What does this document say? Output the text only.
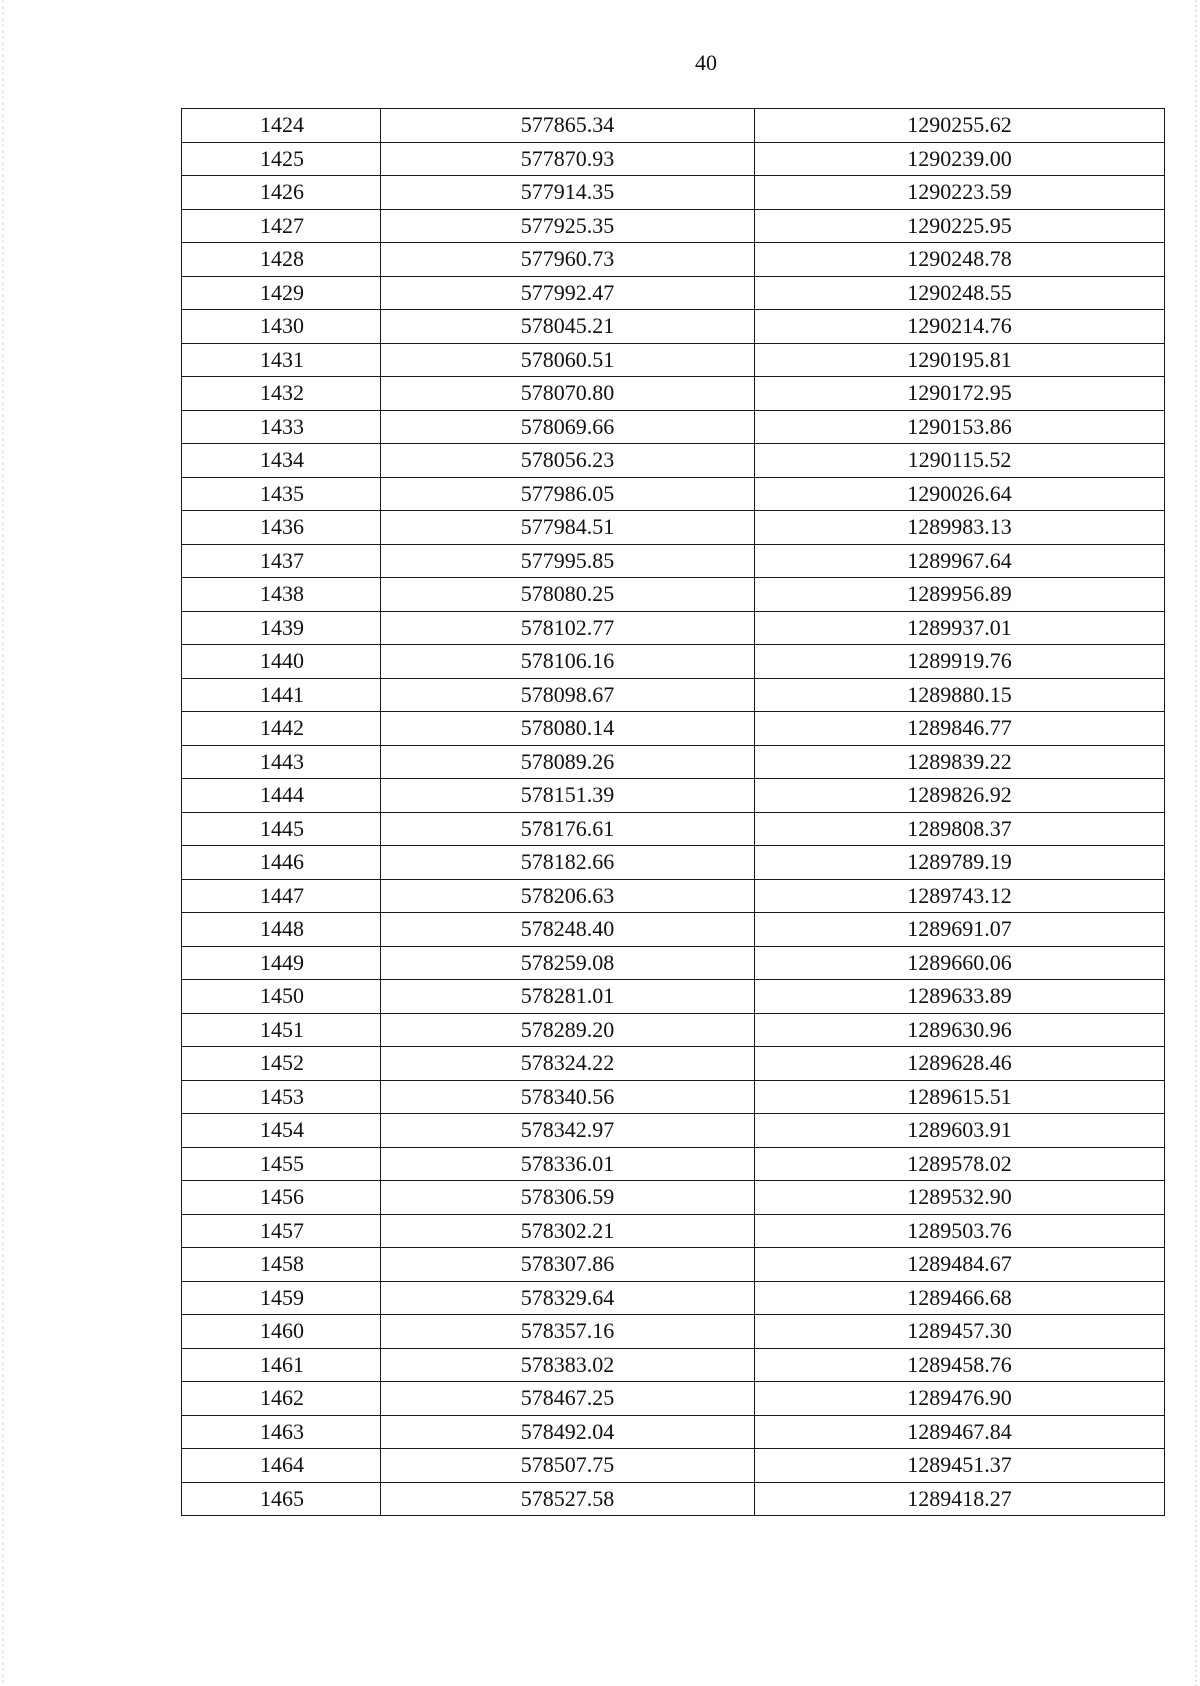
40
1424	577865.34	1290255.62
1425	577870.93	1290239.00
1426	577914.35	1290223.59
1427	577925.35	1290225.95
1428	577960.73	1290248.78
1429	577992.47	1290248.55
1430	578045.21	1290214.76
1431	578060.51	1290195.81
1432	578070.80	1290172.95
1433	578069.66	1290153.86
1434	578056.23	1290115.52
1435	577986.05	1290026.64
1436	577984.51	1289983.13
1437	577995.85	1289967.64
1438	578080.25	1289956.89
1439	578102.77	1289937.01
1440	578106.16	1289919.76
1441	578098.67	1289880.15
1442	578080.14	1289846.77
1443	578089.26	1289839.22
1444	578151.39	1289826.92
1445	578176.61	1289808.37
1446	578182.66	1289789.19
1447	578206.63	1289743.12
1448	578248.40	1289691.07
1449	578259.08	1289660.06
1450	578281.01	1289633.89
1451	578289.20	1289630.96
1452	578324.22	1289628.46
1453	578340.56	1289615.51
1454	578342.97	1289603.91
1455	578336.01	1289578.02
1456	578306.59	1289532.90
1457	578302.21	1289503.76
1458	578307.86	1289484.67
1459	578329.64	1289466.68
1460	578357.16	1289457.30
1461	578383.02	1289458.76
1462	578467.25	1289476.90
1463	578492.04	1289467.84
1464	578507.75	1289451.37
1465	578527.58	1289418.27
